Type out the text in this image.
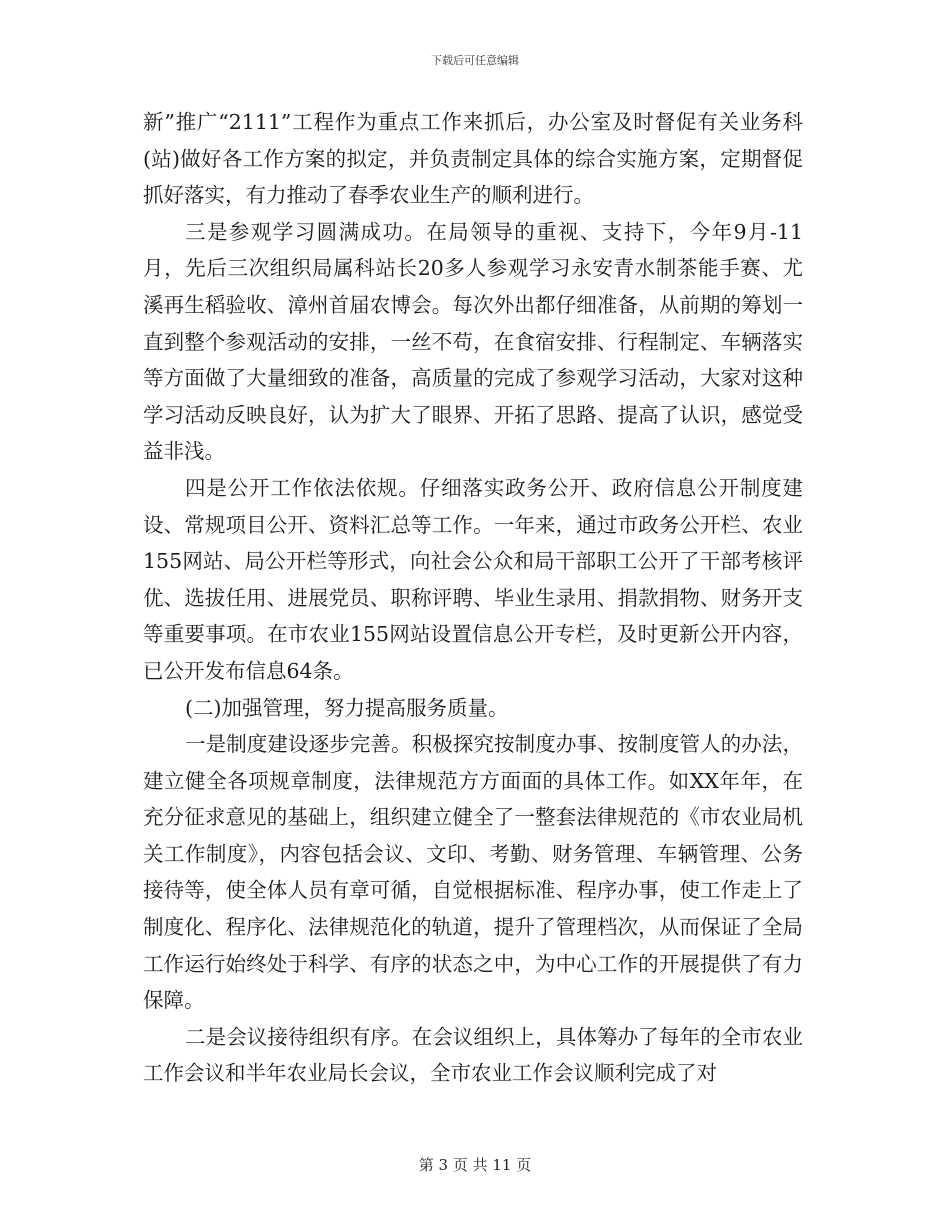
下载后可任意编辑

新”推广“2111”工程作为重点工作来抓后，办公室及时督促有关业务科(站)做好各工作方案的拟定，并负责制定具体的综合实施方案，定期督促抓好落实，有力推动了春季农业生产的顺利进行。

三是参观学习圆满成功。在局领导的重视、支持下，今年9月-11月，先后三次组织局属科站长20多人参观学习永安青水制茶能手赛、尤溪再生稻验收、漳州首届农博会。每次外出都仔细准备，从前期的筹划一直到整个参观活动的安排，一丝不苟，在食宿安排、行程制定、车辆落实等方面做了大量细致的准备，高质量的完成了参观学习活动，大家对这种学习活动反映良好，认为扩大了眼界、开拓了思路、提高了认识，感觉受益非浅。

四是公开工作依法依规。仔细落实政务公开、政府信息公开制度建设、常规项目公开、资料汇总等工作。一年来，通过市政务公开栏、农业155网站、局公开栏等形式，向社会公众和局干部职工公开了干部考核评优、选拔任用、进展党员、职称评聘、毕业生录用、捐款捐物、财务开支等重要事项。在市农业155网站设置信息公开专栏，及时更新公开内容，已公开发布信息64条。

(二)加强管理，努力提高服务质量。

一是制度建设逐步完善。积极探究按制度办事、按制度管人的办法，建立健全各项规章制度，法律规范方方面面的具体工作。如XX年年，在充分征求意见的基础上，组织建立健全了一整套法律规范的《市农业局机关工作制度》，内容包括会议、文印、考勤、财务管理、车辆管理、公务接待等，使全体人员有章可循，自觉根据标准、程序办事，使工作走上了制度化、程序化、法律规范化的轨道，提升了管理档次，从而保证了全局工作运行始终处于科学、有序的状态之中，为中心工作的开展提供了有力保障。

二是会议接待组织有序。在会议组织上，具体筹办了每年的全市农业工作会议和半年农业局长会议，全市农业工作会议顺利完成了对

第 3 页 共 11 页
